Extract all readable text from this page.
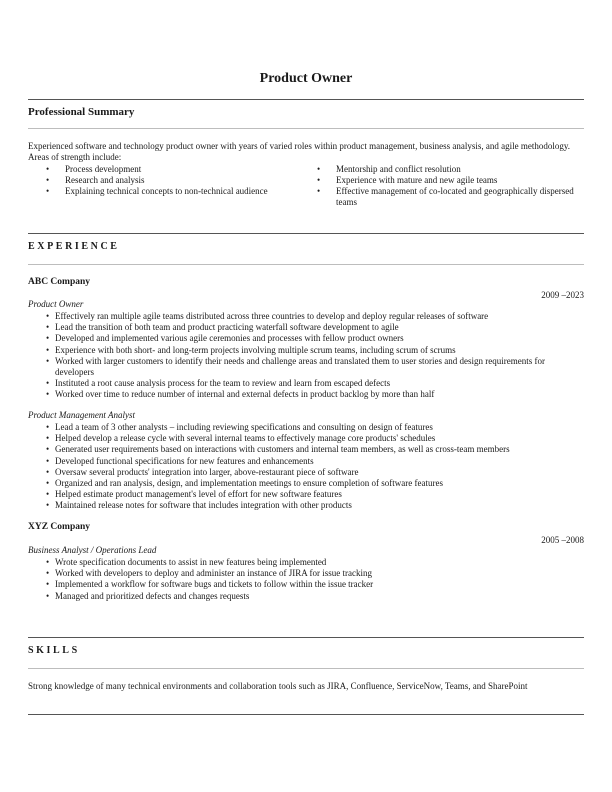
Product Owner
Professional Summary
Experienced software and technology product owner with years of varied roles within product management, business analysis, and agile methodology. Areas of strength include:
• Process development
• Research and analysis
• Explaining technical concepts to non-technical audience
• Mentorship and conflict resolution
• Experience with mature and new agile teams
• Effective management of co-located and geographically dispersed teams
EXPERIENCE
ABC Company
2009 –2023
Product Owner
• Effectively ran multiple agile teams distributed across three countries to develop and deploy regular releases of software
• Lead the transition of both team and product practicing waterfall software development to agile
• Developed and implemented various agile ceremonies and processes with fellow product owners
• Experience with both short- and long-term projects involving multiple scrum teams, including scrum of scrums
• Worked with larger customers to identify their needs and challenge areas and translated them to user stories and design requirements for developers
• Instituted a root cause analysis process for the team to review and learn from escaped defects
• Worked over time to reduce number of internal and external defects in product backlog by more than half
Product Management Analyst
• Lead a team of 3 other analysts – including reviewing specifications and consulting on design of features
• Helped develop a release cycle with several internal teams to effectively manage core products' schedules
• Generated user requirements based on interactions with customers and internal team members, as well as cross-team members
• Developed functional specifications for new features and enhancements
• Oversaw several products' integration into larger, above-restaurant piece of software
• Organized and ran analysis, design, and implementation meetings to ensure completion of software features
• Helped estimate product management's level of effort for new software features
• Maintained release notes for software that includes integration with other products
XYZ Company
2005 –2008
Business Analyst / Operations Lead
• Wrote specification documents to assist in new features being implemented
• Worked with developers to deploy and administer an instance of JIRA for issue tracking
• Implemented a workflow for software bugs and tickets to follow within the issue tracker
• Managed and prioritized defects and changes requests
SKILLS
Strong knowledge of many technical environments and collaboration tools such as JIRA, Confluence, ServiceNow, Teams, and SharePoint
